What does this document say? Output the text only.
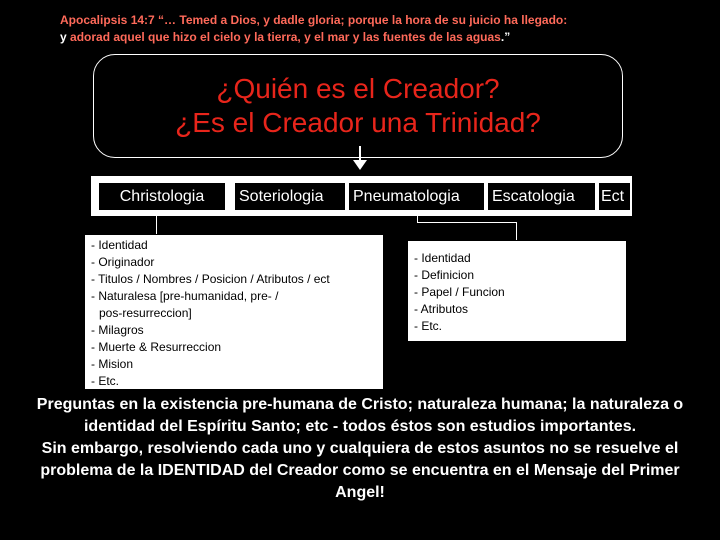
Apocalipsis 14:7 “… Temed a Dios, y dadle gloria; porque la hora de su juicio ha llegado:
y adorad aquel que hizo el cielo y la tierra, y el mar y las fuentes de las aguas.”
¿Quién es el Creador?
¿Es el Creador una Trinidad?
Christologia	Soteriologia	Pneumatologia	Escatologia	Ect
- Identidad
- Originador
- Titulos / Nombres / Posicion / Atributos / ect
- Naturalesa [pre-humanidad, pre- /
pos-resurreccion]
- Milagros
- Muerte & Resurreccion
- Mision
- Etc.
- Identidad
- Definicion
- Papel / Funcion
- Atributos
- Etc.
Preguntas en la existencia pre-humana de Cristo; naturaleza humana; la naturaleza o identidad del Espíritu Santo; etc - todos éstos son estudios importantes.
Sin embargo, resolviendo cada uno y cualquiera de estos asuntos no se resuelve el problema de la IDENTIDAD del Creador como se encuentra en el Mensaje del Primer Angel!
